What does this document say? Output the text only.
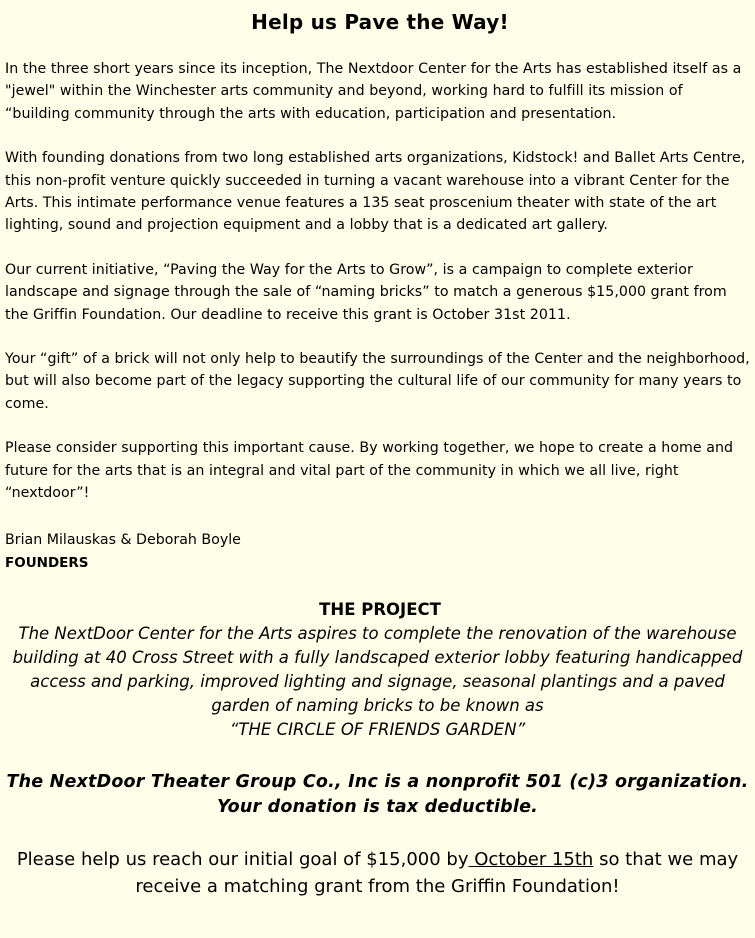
Help us Pave the Way!

In the three short years since its inception, The Nextdoor Center for the Arts has established itself as a "jewel" within the Winchester arts community and beyond, working hard to fulfill its mission of “building community through the arts with education, participation and presentation.

With founding donations from two long established arts organizations, Kidstock! and Ballet Arts Centre, this non-profit venture quickly succeeded in turning a vacant warehouse into a vibrant Center for the Arts. This intimate performance venue features a 135 seat proscenium theater with state of the art lighting, sound and projection equipment and a lobby that is a dedicated art gallery.

Our current initiative, “Paving the Way for the Arts to Grow”, is a campaign to complete exterior landscape and signage through the sale of “naming bricks” to match a generous $15,000 grant from the Griffin Foundation. Our deadline to receive this grant is October 31st 2011.

Your “gift” of a brick will not only help to beautify the surroundings of the Center and the neighborhood, but will also become part of the legacy supporting the cultural life of our community for many years to come.

Please consider supporting this important cause. By working together, we hope to create a home and future for the arts that is an integral and vital part of the community in which we all live, right “nextdoor”!

Brian Milauskas & Deborah Boyle
FOUNDERS
THE PROJECT

The NextDoor Center for the Arts aspires to complete the renovation of the warehouse building at 40 Cross Street with a fully landscaped exterior lobby featuring handicapped access and parking, improved lighting and signage, seasonal plantings and a paved garden of naming bricks to be known as
“THE CIRCLE OF FRIENDS GARDEN”

The NextDoor Theater Group Co., Inc is a nonprofit 501 (c)3 organization.
Your donation is tax deductible.
Please help us reach our initial goal of $15,000 by October 15th so that we may receive a matching grant from the Griffin Foundation!
